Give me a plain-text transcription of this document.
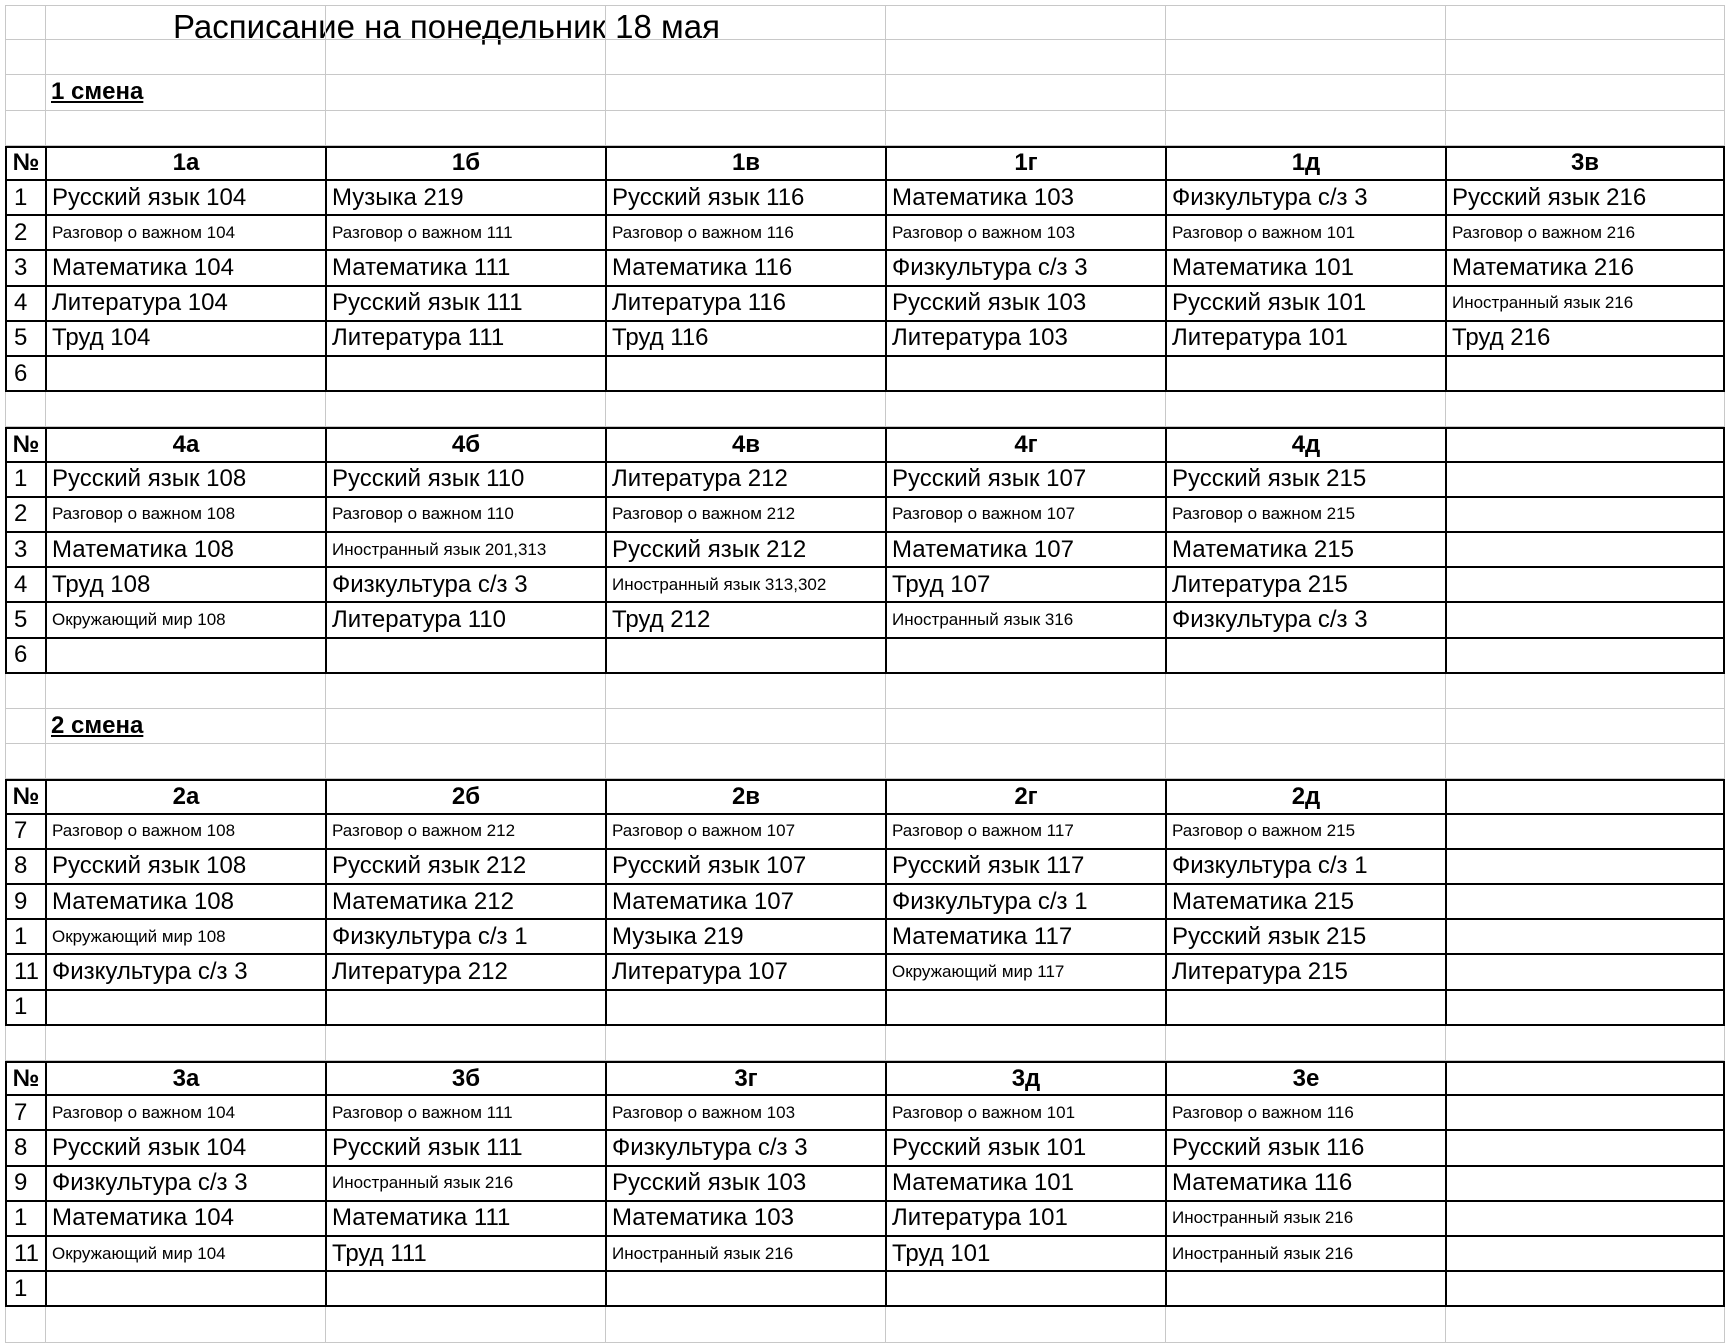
Расписание на понедельник 18 мая
1 смена
№	1а	1б	1в	1г	1д	3в
1	Русский язык 104	Музыка 219	Русский язык 116	Математика 103	Физкультура с/з 3	Русский язык 216
2	Разговор о важном 104	Разговор о важном 111	Разговор о важном 116	Разговор о важном 103	Разговор о важном 101	Разговор о важном 216
3	Математика 104	Математика 111	Математика 116	Физкультура с/з 3	Математика 101	Математика 216
4	Литература 104	Русский язык 111	Литература 116	Русский язык 103	Русский язык 101	Иностранный язык 216
5	Труд 104	Литература 111	Труд 116	Литература 103	Литература 101	Труд 216
6
№	4а	4б	4в	4г	4д
1	Русский язык 108	Русский язык 110	Литература 212	Русский язык 107	Русский язык 215
2	Разговор о важном 108	Разговор о важном 110	Разговор о важном 212	Разговор о важном 107	Разговор о важном 215
3	Математика 108	Иностранный язык 201,313	Русский язык 212	Математика 107	Математика 215
4	Труд 108	Физкультура с/з 3	Иностранный язык 313,302	Труд 107	Литература 215
5	Окружающий мир 108	Литература 110	Труд 212	Иностранный язык 316	Физкультура с/з 3
6
2 смена
№	2а	2б	2в	2г	2д
7	Разговор о важном 108	Разговор о важном 212	Разговор о важном 107	Разговор о важном 117	Разговор о важном 215
8	Русский язык 108	Русский язык 212	Русский язык 107	Русский язык 117	Физкультура с/з 1
9	Математика 108	Математика 212	Математика 107	Физкультура с/з 1	Математика 215
1	Окружающий мир 108	Физкультура с/з 1	Музыка 219	Математика 117	Русский язык 215
11 Физкультура с/з 3	Литература 212	Литература 107	Окружающий мир 117	Литература 215
1
№	3а	3б	3г	3д	3е
7	Разговор о важном 104	Разговор о важном 111	Разговор о важном 103	Разговор о важном 101	Разговор о важном 116
8	Русский язык 104	Русский язык 111	Физкультура с/з 3	Русский язык 101	Русский язык 116
9	Физкультура с/з 3	Иностранный язык 216	Русский язык 103	Математика 101	Математика 116
1	Математика 104	Математика 111	Математика 103	Литература 101	Иностранный язык 216
11 Окружающий мир 104	Труд 111	Иностранный язык 216	Труд 101	Иностранный язык 216
1
